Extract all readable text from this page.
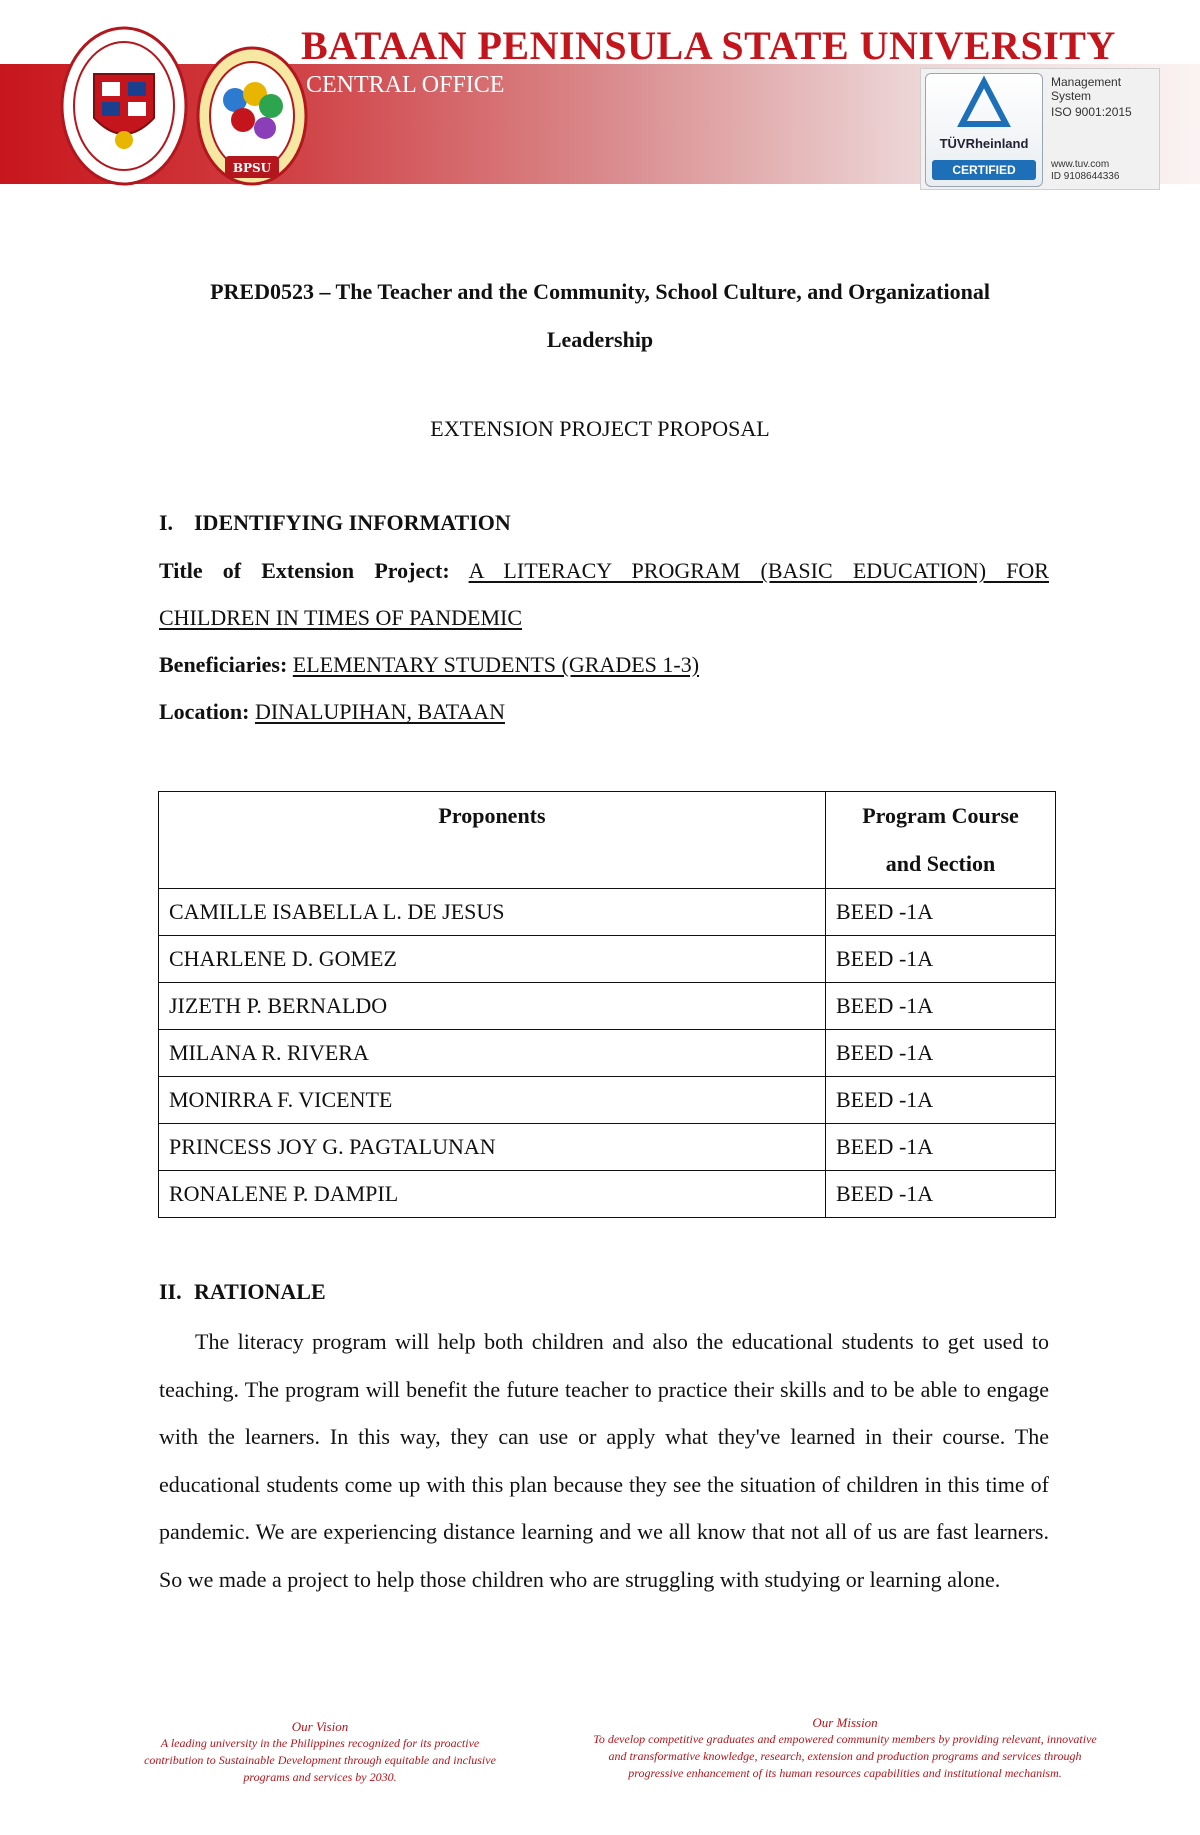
BPSU
BATAAN PENINSULA STATE UNIVERSITY
CENTRAL OFFICE
TÜVRheinland
CERTIFIED
Management
System
ISO 9001:2015
www.tuv.com
ID 9108644336
PRED0523 – The Teacher and the Community, School Culture, and Organizational
Leadership
EXTENSION PROJECT PROPOSAL
I. IDENTIFYING INFORMATION
Title of Extension Project: A LITERACY PROGRAM (BASIC EDUCATION) FOR
CHILDREN IN TIMES OF PANDEMIC
Beneficiaries: ELEMENTARY STUDENTS (GRADES 1-3)
Location: DINALUPIHAN, BATAAN
Proponents	Program Course
and Section

CAMILLE ISABELLA L. DE JESUS	BEED -1A
CHARLENE D. GOMEZ	BEED -1A
JIZETH P. BERNALDO	BEED -1A
MILANA R. RIVERA	BEED -1A
MONIRRA F. VICENTE	BEED -1A
PRINCESS JOY G. PAGTALUNAN	BEED -1A
RONALENE P. DAMPIL	BEED -1A
II. RATIONALE

The literacy program will help both children and also the educational students to get used to teaching. The program will benefit the future teacher to practice their skills and to be able to engage with the learners. In this way, they can use or apply what they've learned in their course. The educational students come up with this plan because they see the situation of children in this time of pandemic. We are experiencing distance learning and we all know that not all of us are fast learners. So we made a project to help those children who are struggling with studying or learning alone.

Our Vision
A leading university in the Philippines recognized for its proactive
contribution to Sustainable Development through equitable and inclusive
programs and services by 2030.
Our Mission
To develop competitive graduates and empowered community members by providing relevant, innovative
and transformative knowledge, research, extension and production programs and services through
progressive enhancement of its human resources capabilities and institutional mechanism.
